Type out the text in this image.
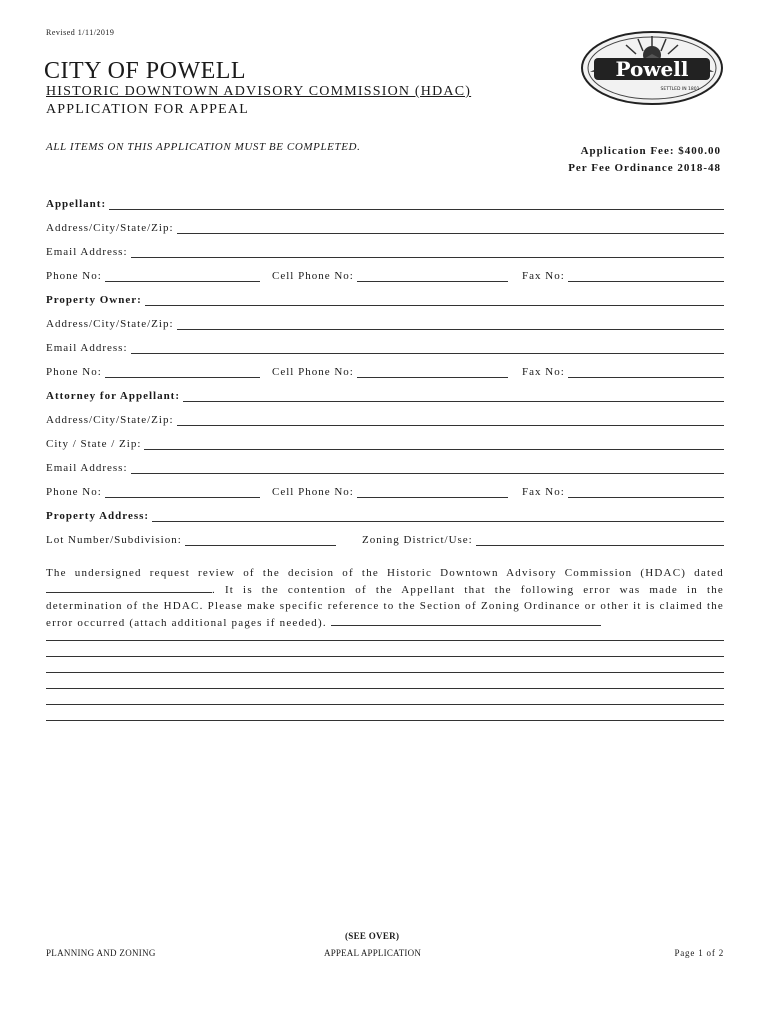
Revised 1/11/2019
CITY OF POWELL
HISTORIC DOWNTOWN ADVISORY COMMISSION (HDAC)
APPLICATION FOR APPEAL
Powell
SETTLED IN 1801
ALL ITEMS ON THIS APPLICATION MUST BE COMPLETED.	Application Fee: $400.00
Per Fee Ordinance 2018-48
Appellant:
Address/City/State/Zip:
Email Address:
Phone No:	Cell Phone No:	Fax No:
Property Owner:
Address/City/State/Zip:
Email Address:
Phone No:	Cell Phone No:	Fax No:
Attorney for Appellant:
Address/City/State/Zip:
City / State / Zip:
Email Address:
Phone No:	Cell Phone No:	Fax No:
Property Address:
Lot Number/Subdivision:	Zoning District/Use:
The undersigned request review of the decision of the Historic Downtown Advisory Commission (HDAC) dated . It is the contention of the Appellant that the following error was made in the determination of the HDAC. Please make specific reference to the Section of Zoning Ordinance or other it is claimed the error occurred (attach additional pages if needed).
PLANNING AND ZONING
(SEE OVER)
APPEAL APPLICATION	Page 1 of 2
